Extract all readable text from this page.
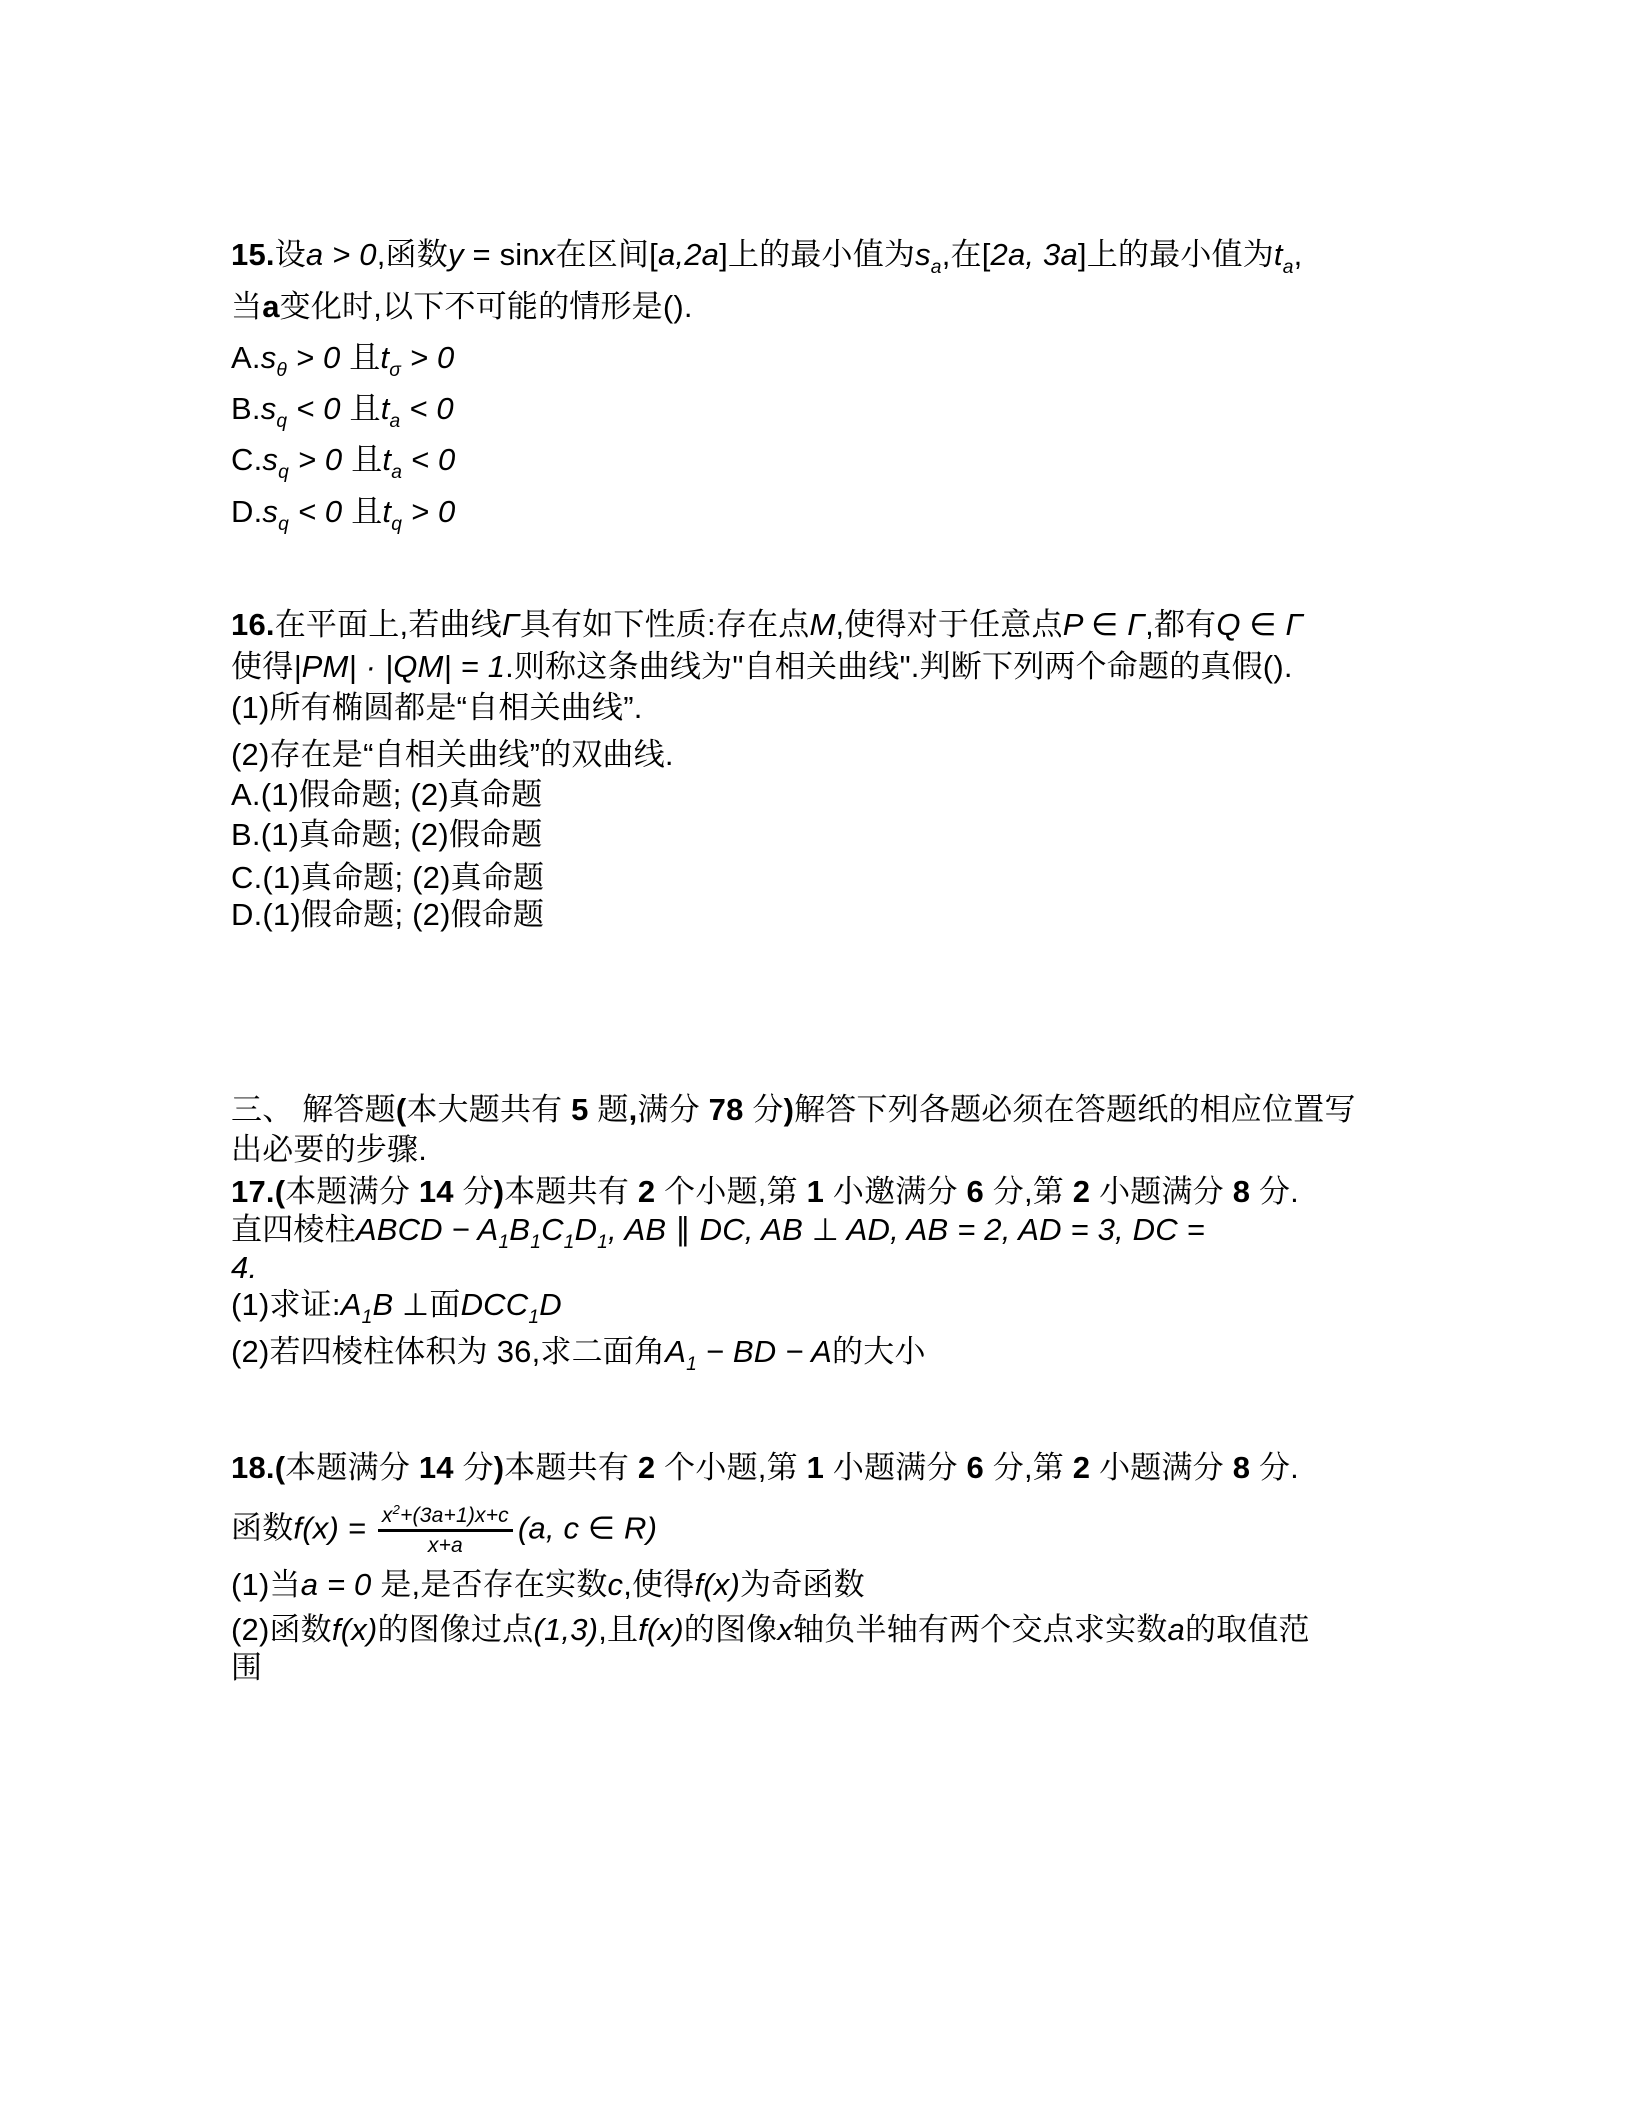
15.设a > 0,函数y = sinx在区间[a,2a]上的最小值为$s_a$,在[2a, 3a]上的最小值为$t_a$,
当a变化时,以下不可能的情形是().
$A.s_\theta > 0$ 且$t_\sigma > 0$
$B.s_q < 0$ 且$t_a < 0$
$C.s_q > 0$ 且$t_a < 0$
$D.s_q < 0$ 且$t_q > 0$
16.在平面上,若曲线Γ具有如下性质:存在点M,使得对于任意点P ∈ Γ,都有Q ∈ Γ
使得|PM| · |QM| = 1.则称这条曲线为"自相关曲线".判断下列两个命题的真假().
(1)所有椭圆都是“自相关曲线”.
(2)存在是“自相关曲线”的双曲线.
A.(1)假命题; (2)真命题
B.(1)真命题; (2)假命题
C.(1)真命题; (2)真命题
D.(1)假命题; (2)假命题
三、 解答题(本大题共有 5 题,满分 78 分)解答下列各题必须在答题纸的相应位置写
出必要的步骤.
17.(本题满分 14 分)本题共有 2 个小题,第 1 小邀满分 6 分,第 2 小题满分 8 分.
直四棱柱ABCD − $A_1B_1C_1D_1$, AB ∥ DC, AB ⊥ AD, AB = 2, AD = 3, DC =
4.
(1)求证$:A_1B$ ⊥面$DCC_1D$
(2)若四棱柱体积为 36,求二面角$A_1$ − BD − A的大小
18.(本题满分 14 分)本题共有 2 个小题,第 1 小题满分 6 分,第 2 小题满分 8 分.
函数$f(x) = \frac{x^2+(3a+1)x+c}{x+a} (a$, c ∈ R)
(1)当a = 0 是,是否存在实数c,使得f(x)为奇函数
(2)函数f(x)的图像过点(1,3),且f(x)的图像x轴负半轴有两个交点求实数a的取值范
围
